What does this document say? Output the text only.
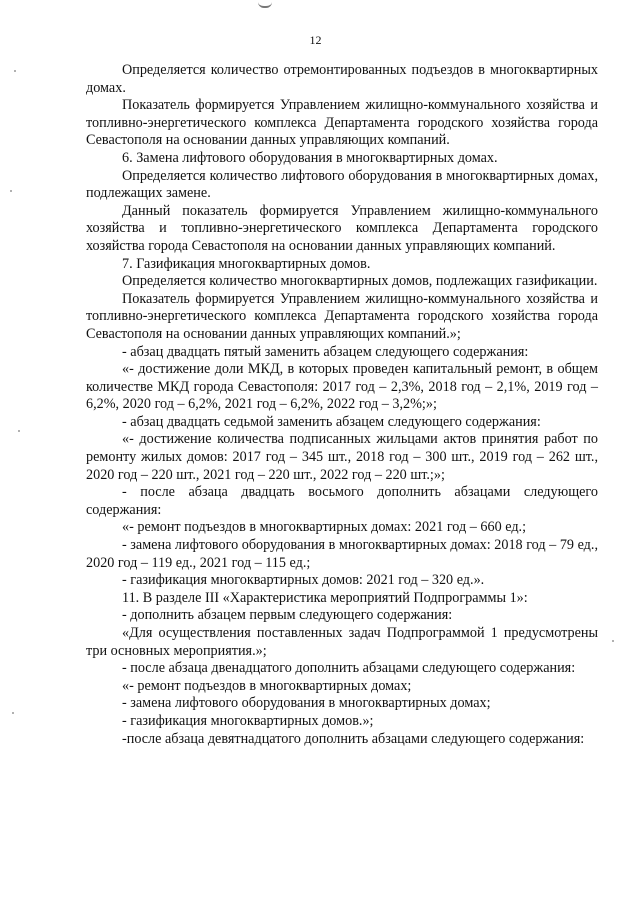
12

Определяется количество отремонтированных подъездов в многоквартирных домах.

Показатель формируется Управлением жилищно-коммунального хозяйства и топливно-энергетического комплекса Департамента городского хозяйства города Севастополя на основании данных управляющих компаний.

6. Замена лифтового оборудования в многоквартирных домах.

Определяется количество лифтового оборудования в многоквартирных домах, подлежащих замене.

Данный показатель формируется Управлением жилищно-коммунального хозяйства и топливно-энергетического комплекса Департамента городского хозяйства города Севастополя на основании данных управляющих компаний.

7. Газификация многоквартирных домов.

Определяется количество многоквартирных домов, подлежащих газификации.

Показатель формируется Управлением жилищно-коммунального хозяйства и топливно-энергетического комплекса Департамента городского хозяйства города Севастополя на основании данных управляющих компаний.»;

- абзац двадцать пятый заменить абзацем следующего содержания:

«- достижение доли МКД, в которых проведен капитальный ремонт, в общем количестве МКД города Севастополя: 2017 год – 2,3%, 2018 год – 2,1%, 2019 год – 6,2%, 2020 год – 6,2%, 2021 год – 6,2%, 2022 год – 3,2%;»;

- абзац двадцать седьмой заменить абзацем следующего содержания:

«- достижение количества подписанных жильцами актов принятия работ по ремонту жилых домов: 2017 год – 345 шт., 2018 год – 300 шт., 2019 год – 262 шт., 2020 год – 220 шт., 2021 год – 220 шт., 2022 год – 220 шт.;»;

- после абзаца двадцать восьмого дополнить абзацами следующего содержания:

«- ремонт подъездов в многоквартирных домах: 2021 год – 660 ед.;

- замена лифтового оборудования в многоквартирных домах: 2018 год – 79 ед., 2020 год – 119 ед., 2021 год – 115 ед.;

- газификация многоквартирных домов: 2021 год – 320 ед.».

11. В разделе III «Характеристика мероприятий Подпрограммы 1»:

- дополнить абзацем первым следующего содержания:

«Для осуществления поставленных задач Подпрограммой 1 предусмотрены три основных мероприятия.»;

- после абзаца двенадцатого дополнить абзацами следующего содержания:

«- ремонт подъездов в многоквартирных домах;

- замена лифтового оборудования в многоквартирных домах;

- газификация многоквартирных домов.»;

-после абзаца девятнадцатого дополнить абзацами следующего содержания:
